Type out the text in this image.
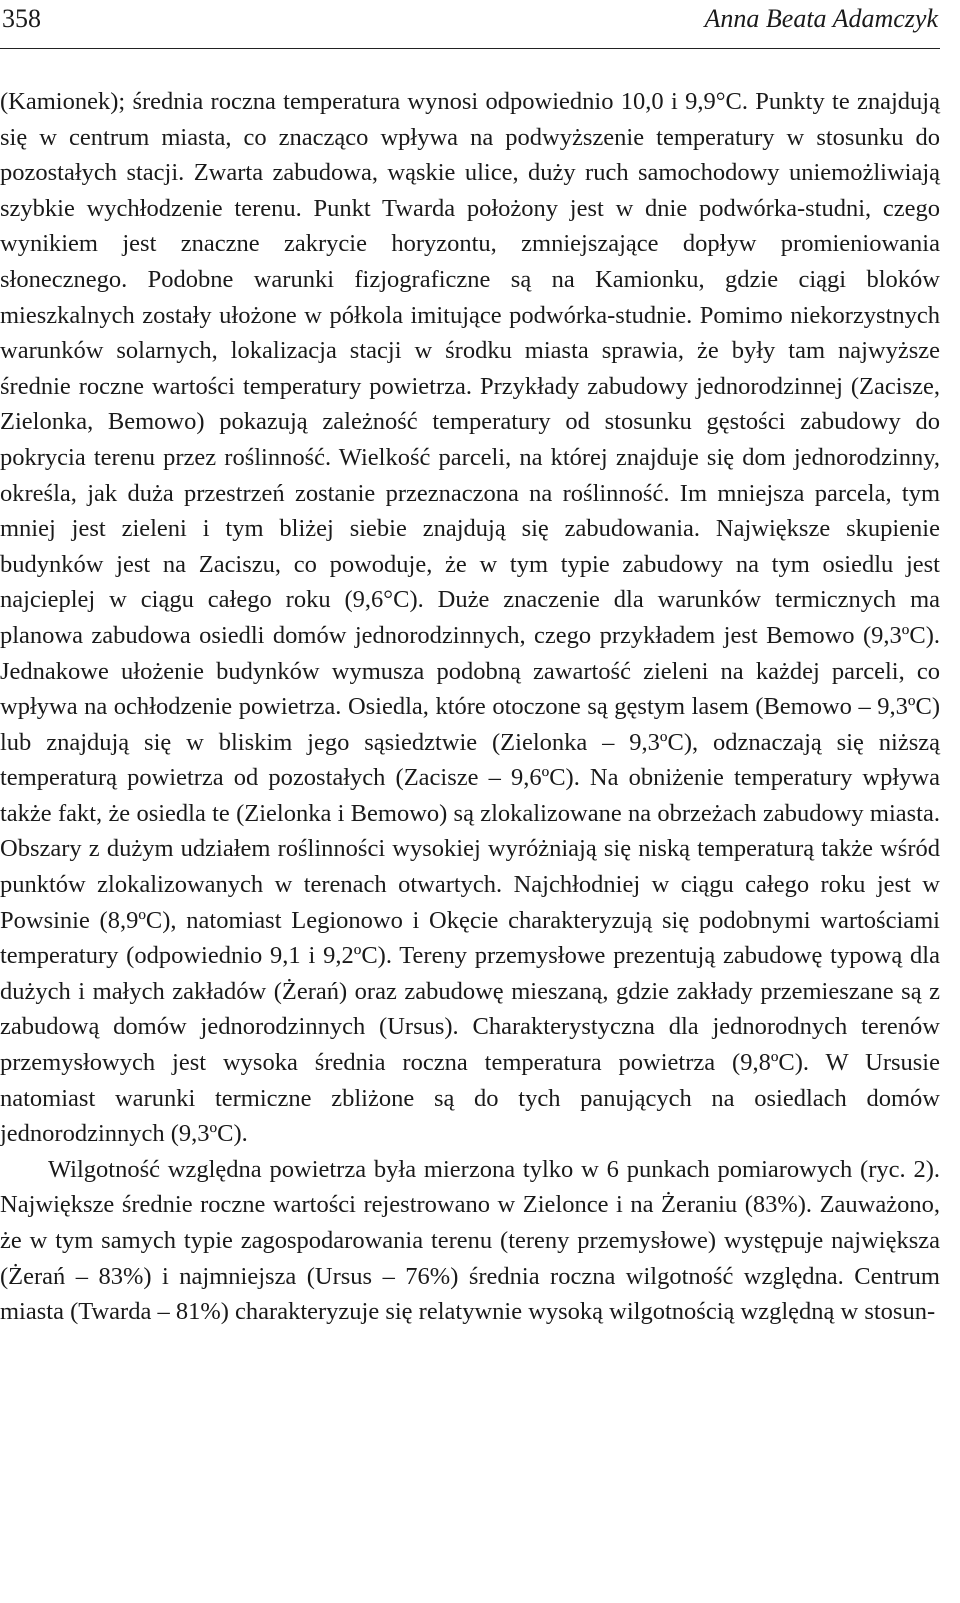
358	Anna Beata Adamczyk

(Kamionek); średnia roczna temperatura wynosi odpowiednio 10,0 i 9,9°C. Punkty te znajdują się w centrum miasta, co znacząco wpływa na podwyższenie temperatury w stosunku do pozostałych stacji. Zwarta zabudowa, wąskie ulice, duży ruch samochodowy uniemożliwiają szybkie wychłodzenie terenu. Punkt Twarda położony jest w dnie podwórka-studni, czego wynikiem jest znaczne zakrycie horyzontu, zmniejszające dopływ promieniowania słonecznego. Podobne warunki fizjograficzne są na Kamionku, gdzie ciągi bloków mieszkalnych zostały ułożone w półkola imitujące podwórka-studnie. Pomimo niekorzystnych warunków solarnych, lokalizacja stacji w środku miasta sprawia, że były tam najwyższe średnie roczne wartości temperatury powietrza. Przykłady zabudowy jednorodzinnej (Zacisze, Zielonka, Bemowo) pokazują zależność temperatury od stosunku gęstości zabudowy do pokrycia terenu przez roślinność. Wielkość parceli, na której znajduje się dom jednorodzinny, określa, jak duża przestrzeń zostanie przeznaczona na roślinność. Im mniejsza parcela, tym mniej jest zieleni i tym bliżej siebie znajdują się zabudowania. Największe skupienie budynków jest na Zaciszu, co powoduje, że w tym typie zabudowy na tym osiedlu jest najcieplej w ciągu całego roku (9,6°C). Duże znaczenie dla warunków termicznych ma planowa zabudowa osiedli domów jednorodzinnych, czego przykładem jest Bemowo (9,3ºC). Jednakowe ułożenie budynków wymusza podobną zawartość zieleni na każdej parceli, co wpływa na ochłodzenie powietrza. Osiedla, które otoczone są gęstym lasem (Bemowo – 9,3ºC) lub znajdują się w bliskim jego sąsiedztwie (Zielonka – 9,3ºC), odznaczają się niższą temperaturą powietrza od pozostałych (Zacisze – 9,6ºC). Na obniżenie temperatury wpływa także fakt, że osiedla te (Zielonka i Bemowo) są zlokalizowane na obrzeżach zabudowy miasta. Obszary z dużym udziałem roślinności wysokiej wyróżniają się niską temperaturą także wśród punktów zlokalizowanych w terenach otwartych. Najchłodniej w ciągu całego roku jest w Powsinie (8,9ºC), natomiast Legionowo i Okęcie charakteryzują się podobnymi wartościami temperatury (odpowiednio 9,1 i 9,2ºC). Tereny przemysłowe prezentują zabudowę typową dla dużych i małych zakładów (Żerań) oraz zabudowę mieszaną, gdzie zakłady przemieszane są z zabudową domów jednorodzinnych (Ursus). Charakterystyczna dla jednorodnych terenów przemysłowych jest wysoka średnia roczna temperatura powietrza (9,8ºC). W Ursusie natomiast warunki termiczne zbliżone są do tych panujących na osiedlach domów jednorodzinnych (9,3ºC).

Wilgotność względna powietrza była mierzona tylko w 6 punkach pomiarowych (ryc. 2). Największe średnie roczne wartości rejestrowano w Zielonce i na Żeraniu (83%). Zauważono, że w tym samych typie zagospodarowania terenu (tereny przemysłowe) występuje największa (Żerań – 83%) i najmniejsza (Ursus – 76%) średnia roczna wilgotność względna. Centrum miasta (Twarda – 81%) charakteryzuje się relatywnie wysoką wilgotnością względną w stosun-
